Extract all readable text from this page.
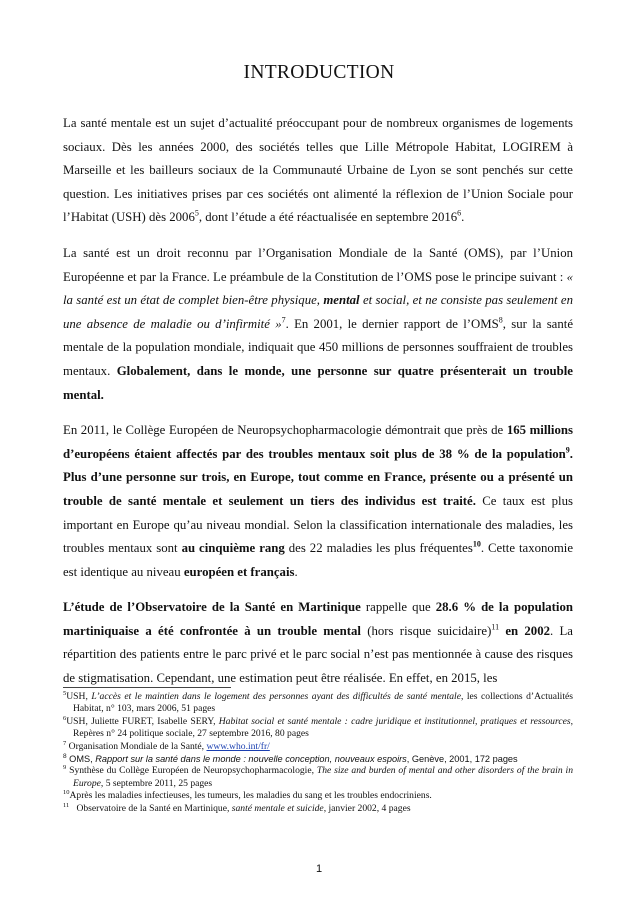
INTRODUCTION

La santé mentale est un sujet d’actualité préoccupant pour de nombreux organismes de logements sociaux. Dès les années 2000, des sociétés telles que Lille Métropole Habitat, LOGIREM à Marseille et les bailleurs sociaux de la Communauté Urbaine de Lyon se sont penchés sur cette question. Les initiatives prises par ces sociétés ont alimenté la réflexion de l’Union Sociale pour l’Habitat (USH) dès 2006$^5$, dont l’étude a été réactualisée en septembre 2016$^6$.

La santé est un droit reconnu par l’Organisation Mondiale de la Santé (OMS), par l’Union Européenne et par la France. Le préambule de la Constitution de l’OMS pose le principe suivant : « la santé est un état de complet bien-être physique, mental et social, et ne consiste pas seulement en une absence de maladie ou d’infirmité »$^7$. En 2001, le dernier rapport de l’OMS$^8$, sur la santé mentale de la population mondiale, indiquait que 450 millions de personnes souffraient de troubles mentaux. Globalement, dans le monde, une personne sur quatre présenterait un trouble mental.

En 2011, le Collège Européen de Neuropsychopharmacologie démontrait que près de 165 millions d’européens étaient affectés par des troubles mentaux soit plus de 38 % de la population$^9$. Plus d’une personne sur trois, en Europe, tout comme en France, présente ou a présenté un trouble de santé mentale et seulement un tiers des individus est traité. Ce taux est plus important en Europe qu’au niveau mondial. Selon la classification internationale des maladies, les troubles mentaux sont au cinquième rang des 22 maladies les plus fréquentes$^{10}$. Cette taxonomie est identique au niveau européen et français.

L’étude de l’Observatoire de la Santé en Martinique rappelle que 28.6 % de la population martiniquaise a été confrontée à un trouble mental (hors risque suicidaire)$^{11}$ en 2002. La répartition des patients entre le parc privé et le parc social n’est pas mentionnée à cause des risques de stigmatisation. Cependant, une estimation peut être réalisée. En effet, en 2015, les

$^5$USH, L’accès et le maintien dans le logement des personnes ayant des difficultés de santé mentale, les collections d’Actualités Habitat, n° 103, mars 2006, 51 pages

$^6$USH, Juliette FURET, Isabelle SERY, Habitat social et santé mentale : cadre juridique et institutionnel, pratiques et ressources, Repères n° 24 politique sociale, 27 septembre 2016, 80 pages

$^7$ Organisation Mondiale de la Santé, www.who.int/fr/

$^8$ OMS, Rapport sur la santé dans le monde : nouvelle conception, nouveaux espoirs, Genève, 2001, 172 pages

$^9$ Synthèse du Collège Européen de Neuropsychopharmacologie, The size and burden of mental and other disorders of the brain in Europe, 5 septembre 2011, 25 pages

$^{10}$Après les maladies infectieuses, les tumeurs, les maladies du sang et les troubles endocriniens.

$^{11}$   Observatoire de la Santé en Martinique, santé mentale et suicide, janvier 2002, 4 pages

1
